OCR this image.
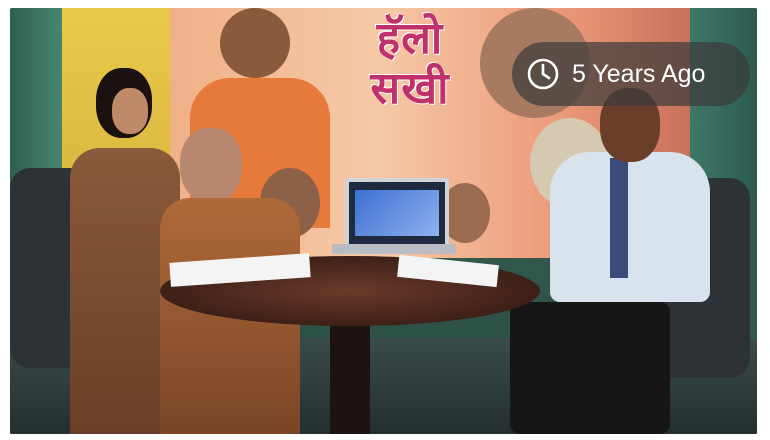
हॅलो
सखी	5 Years Ago
